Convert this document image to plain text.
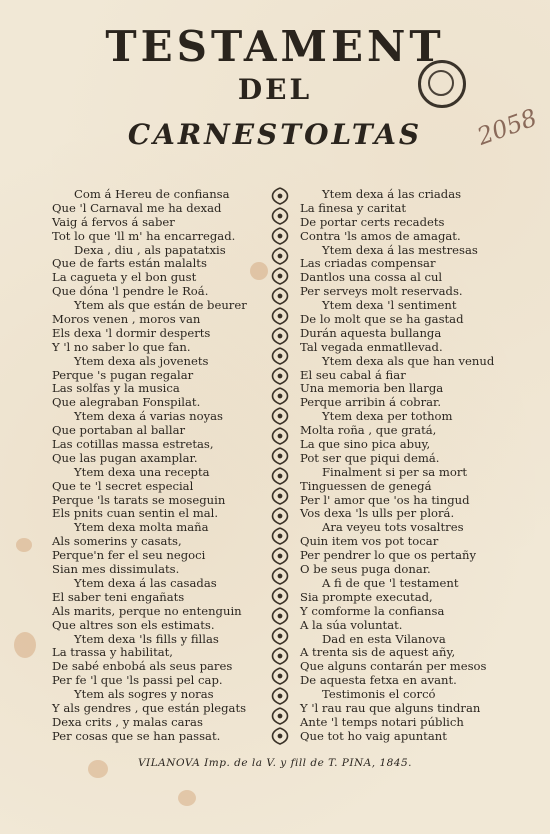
TESTAMENT
DEL
CARNESTOLTAS	2058
Com á Hereu de confiansa
Que 'l Carnaval me ha dexad
Vaig á fervos á saber
Tot lo que 'll m' ha encarregad.
Dexa , diu , als papatatxis
Que de farts están malalts
La cagueta y el bon gust
Que dóna 'l pendre le Roá.
Ytem als que están de beurer
Moros venen , moros van
Els dexa 'l dormir desperts
Y 'l no saber lo que fan.
Ytem dexa als jovenets
Perque 's pugan regalar
Las solfas y la musica
Que alegraban Fonspilat.
Ytem dexa á varias noyas
Que portaban al ballar
Las cotillas massa estretas,
Que las pugan axamplar.
Ytem dexa una recepta
Que te 'l secret especial
Perque 'ls tarats se moseguin
Els pnits cuan sentin el mal.
Ytem dexa molta maña
Als somerins y casats,
Perque'n fer el seu negoci
Sian mes dissimulats.
Ytem dexa á las casadas
El saber teni engañats
Als marits, perque no entenguin
Que altres son els estimats.
Ytem dexa 'ls fills y fillas
La trassa y habilitat,
De sabé enbobá als seus pares
Per fe 'l que 'ls passi pel cap.
Ytem als sogres y noras
Y als gendres , que están plegats
Dexa crits , y malas caras
Per cosas que se han passat.
Ytem dexa á las criadas
La finesa y caritat
De portar certs recadets
Contra 'ls amos de amagat.
Ytem dexa á las mestresas
Las criadas compensar
Dantlos una cossa al cul
Per serveys molt reservads.
Ytem dexa 'l sentiment
De lo molt que se ha gastad
Durán aquesta bullanga
Tal vegada enmatllevad.
Ytem dexa als que han venud
El seu cabal á fiar
Una memoria ben llarga
Perque arribin á cobrar.
Ytem dexa per tothom
Molta roña , que gratá,
La que sino pica abuy,
Pot ser que piqui demá.
Finalment si per sa mort
Tinguessen de genegá
Per l' amor que 'os ha tingud
Vos dexa 'ls ulls per plorá.
Ara veyeu tots vosaltres
Quin item vos pot tocar
Per pendrer lo que os pertañy
O be seus puga donar.
A fi de que 'l testament
Sia prompte executad,
Y comforme la confiansa
A la súa voluntat.
Dad en esta Vilanova
A trenta sis de aquest añy,
Que alguns contarán per mesos
De aquesta fetxa en avant.
Testimonis el corcó
Y 'l rau rau que alguns tindran
Ante 'l temps notari públich
Que tot ho vaig apuntant
VILANOVA Imp. de la V. y fill de T. PINA, 1845.
